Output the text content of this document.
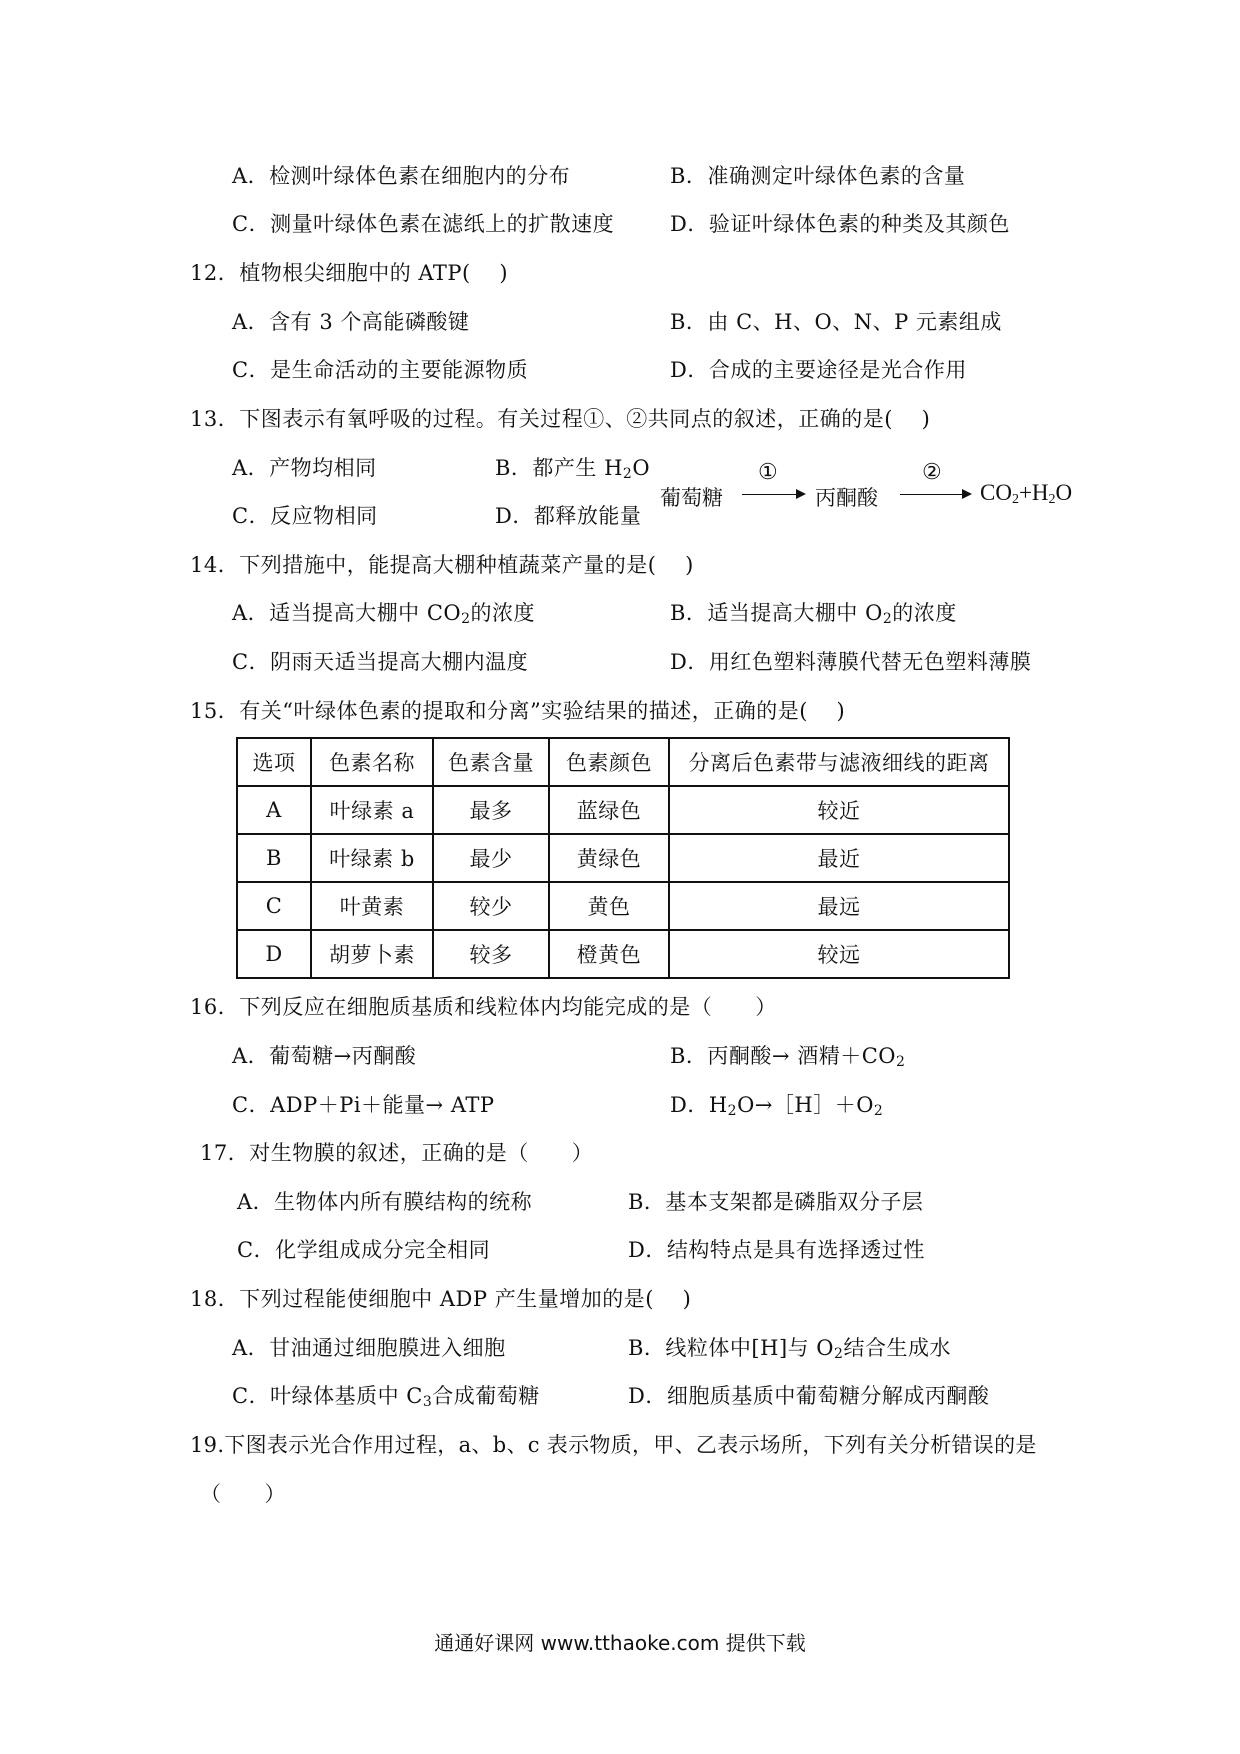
A．检测叶绿体色素在细胞内的分布	B．准确测定叶绿体色素的含量
C．测量叶绿体色素在滤纸上的扩散速度	D．验证叶绿体色素的种类及其颜色
12．植物根尖细胞中的 ATP(　 )
A．含有 3 个高能磷酸键	B．由 C、H、O、N、P 元素组成
C．是生命活动的主要能源物质	D．合成的主要途径是光合作用
13．下图表示有氧呼吸的过程。有关过程①、②共同点的叙述，正确的是(　 )
A．产物均相同	B．都产生 $H_2O$
C．反应物相同	D．都释放能量
葡萄糖
①
丙酮酸
②
$CO_2+H_2O$
14．下列措施中，能提高大棚种植蔬菜产量的是(　 )
A．适当提高大棚中 $CO_2$的浓度	B．适当提高大棚中 $O_2$的浓度
C．阴雨天适当提高大棚内温度	D．用红色塑料薄膜代替无色塑料薄膜
15．有关“叶绿体色素的提取和分离”实验结果的描述，正确的是(　 )
选项	色素名称	色素含量	色素颜色	分离后色素带与滤液细线的距离
A	叶绿素 a	最多	蓝绿色	较近
B	叶绿素 b	最少	黄绿色	最近
C	叶黄素	较少	黄色	最远
D	胡萝卜素	较多	橙黄色	较远
16．下列反应在细胞质基质和线粒体内均能完成的是（　　）
A．葡萄糖→丙酮酸	B．丙酮酸→ 酒精$+CO_2$
C．ADP＋Pi＋能量→ ATP	D．$H_2O\to[H]+O_2$
17．对生物膜的叙述，正确的是（　　）
A．生物体内所有膜结构的统称	B．基本支架都是磷脂双分子层
C．化学组成成分完全相同	D．结构特点是具有选择透过性
18．下列过程能使细胞中 ADP 产生量增加的是(　 )
A．甘油通过细胞膜进入细胞	B．线粒体中[H]与 $O_2$结合生成水
C．叶绿体基质中 $C_3$合成葡萄糖	D．细胞质基质中葡萄糖分解成丙酮酸
19.下图表示光合作用过程，a、b、c 表示物质，甲、乙表示场所，下列有关分析错误的是
（　　）
通通好课网 www.tthaoke.com 提供下载
